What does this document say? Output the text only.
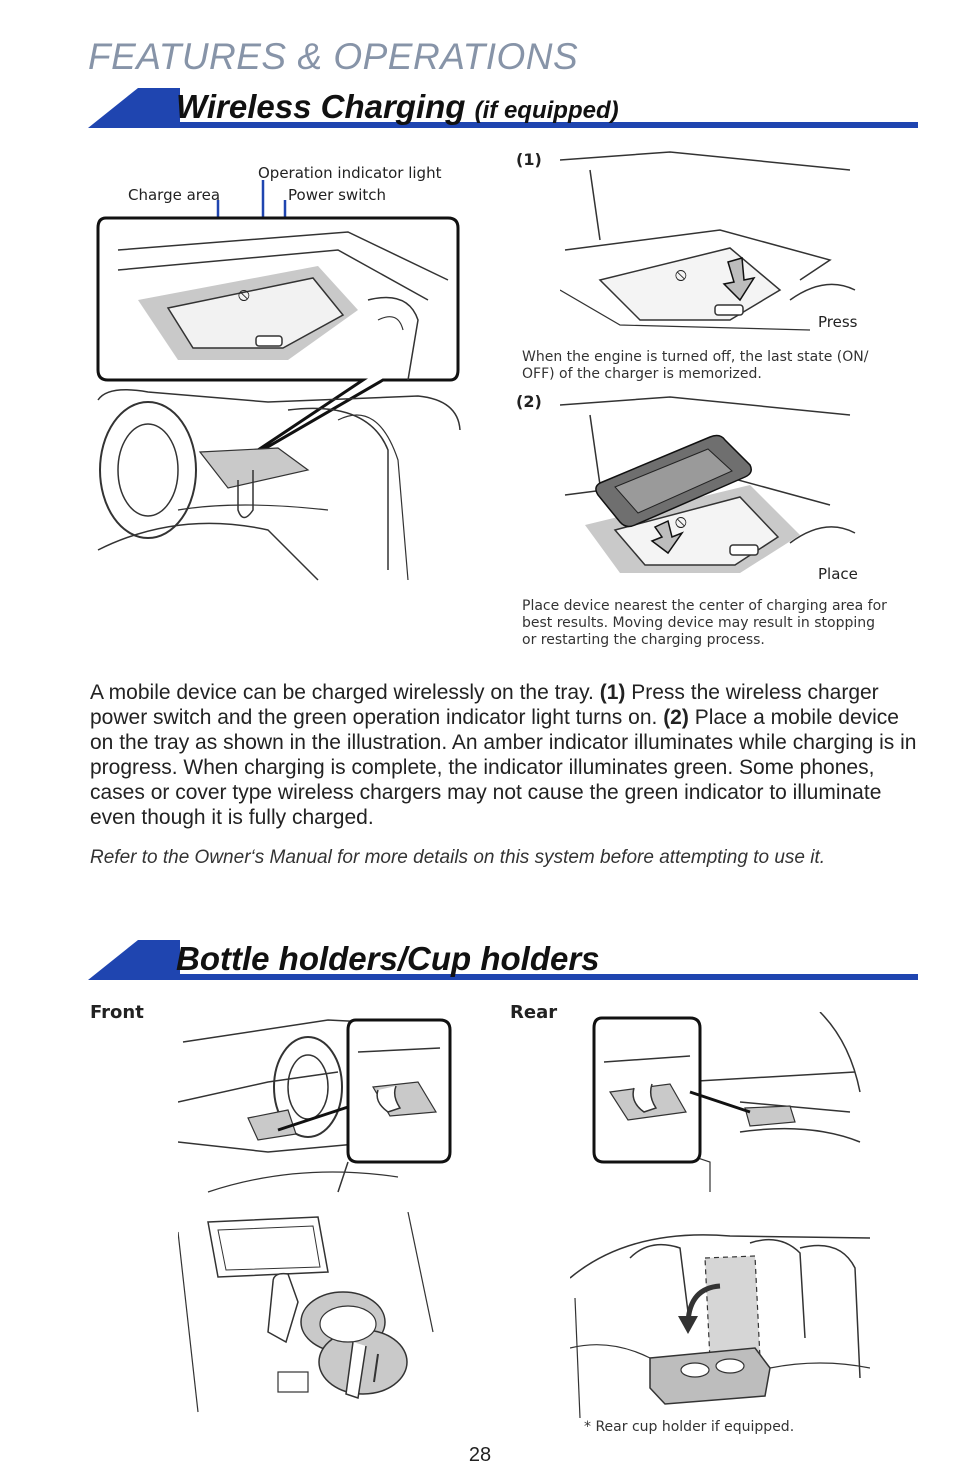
FEATURES & OPERATIONS
Wireless Charging (if equipped)
Charge area
Operation indicator light
Power switch
⦸
(1)
⦸
Press
When the engine is turned off, the last state (ON/
OFF) of the charger is memorized.
(2)
⦸
Place
Place device nearest the center of charging area for
best results. Moving device may result in stopping
or restarting the charging process.
A mobile device can be charged wirelessly on the tray. (1) Press the wireless charger power switch and the green operation indicator light turns on. (2) Place a mobile device on the tray as shown in the illustration. An amber indicator illuminates while charging is in progress. When charging is complete, the indicator illuminates green. Some phones, cases or cover type wireless chargers may not cause the green indicator to illuminate even though it is fully charged.
Refer to the Owner‘s Manual for more details on this system before attempting to use it.
Bottle holders/Cup holders
Front	Rear
* Rear cup holder if equipped.
28
